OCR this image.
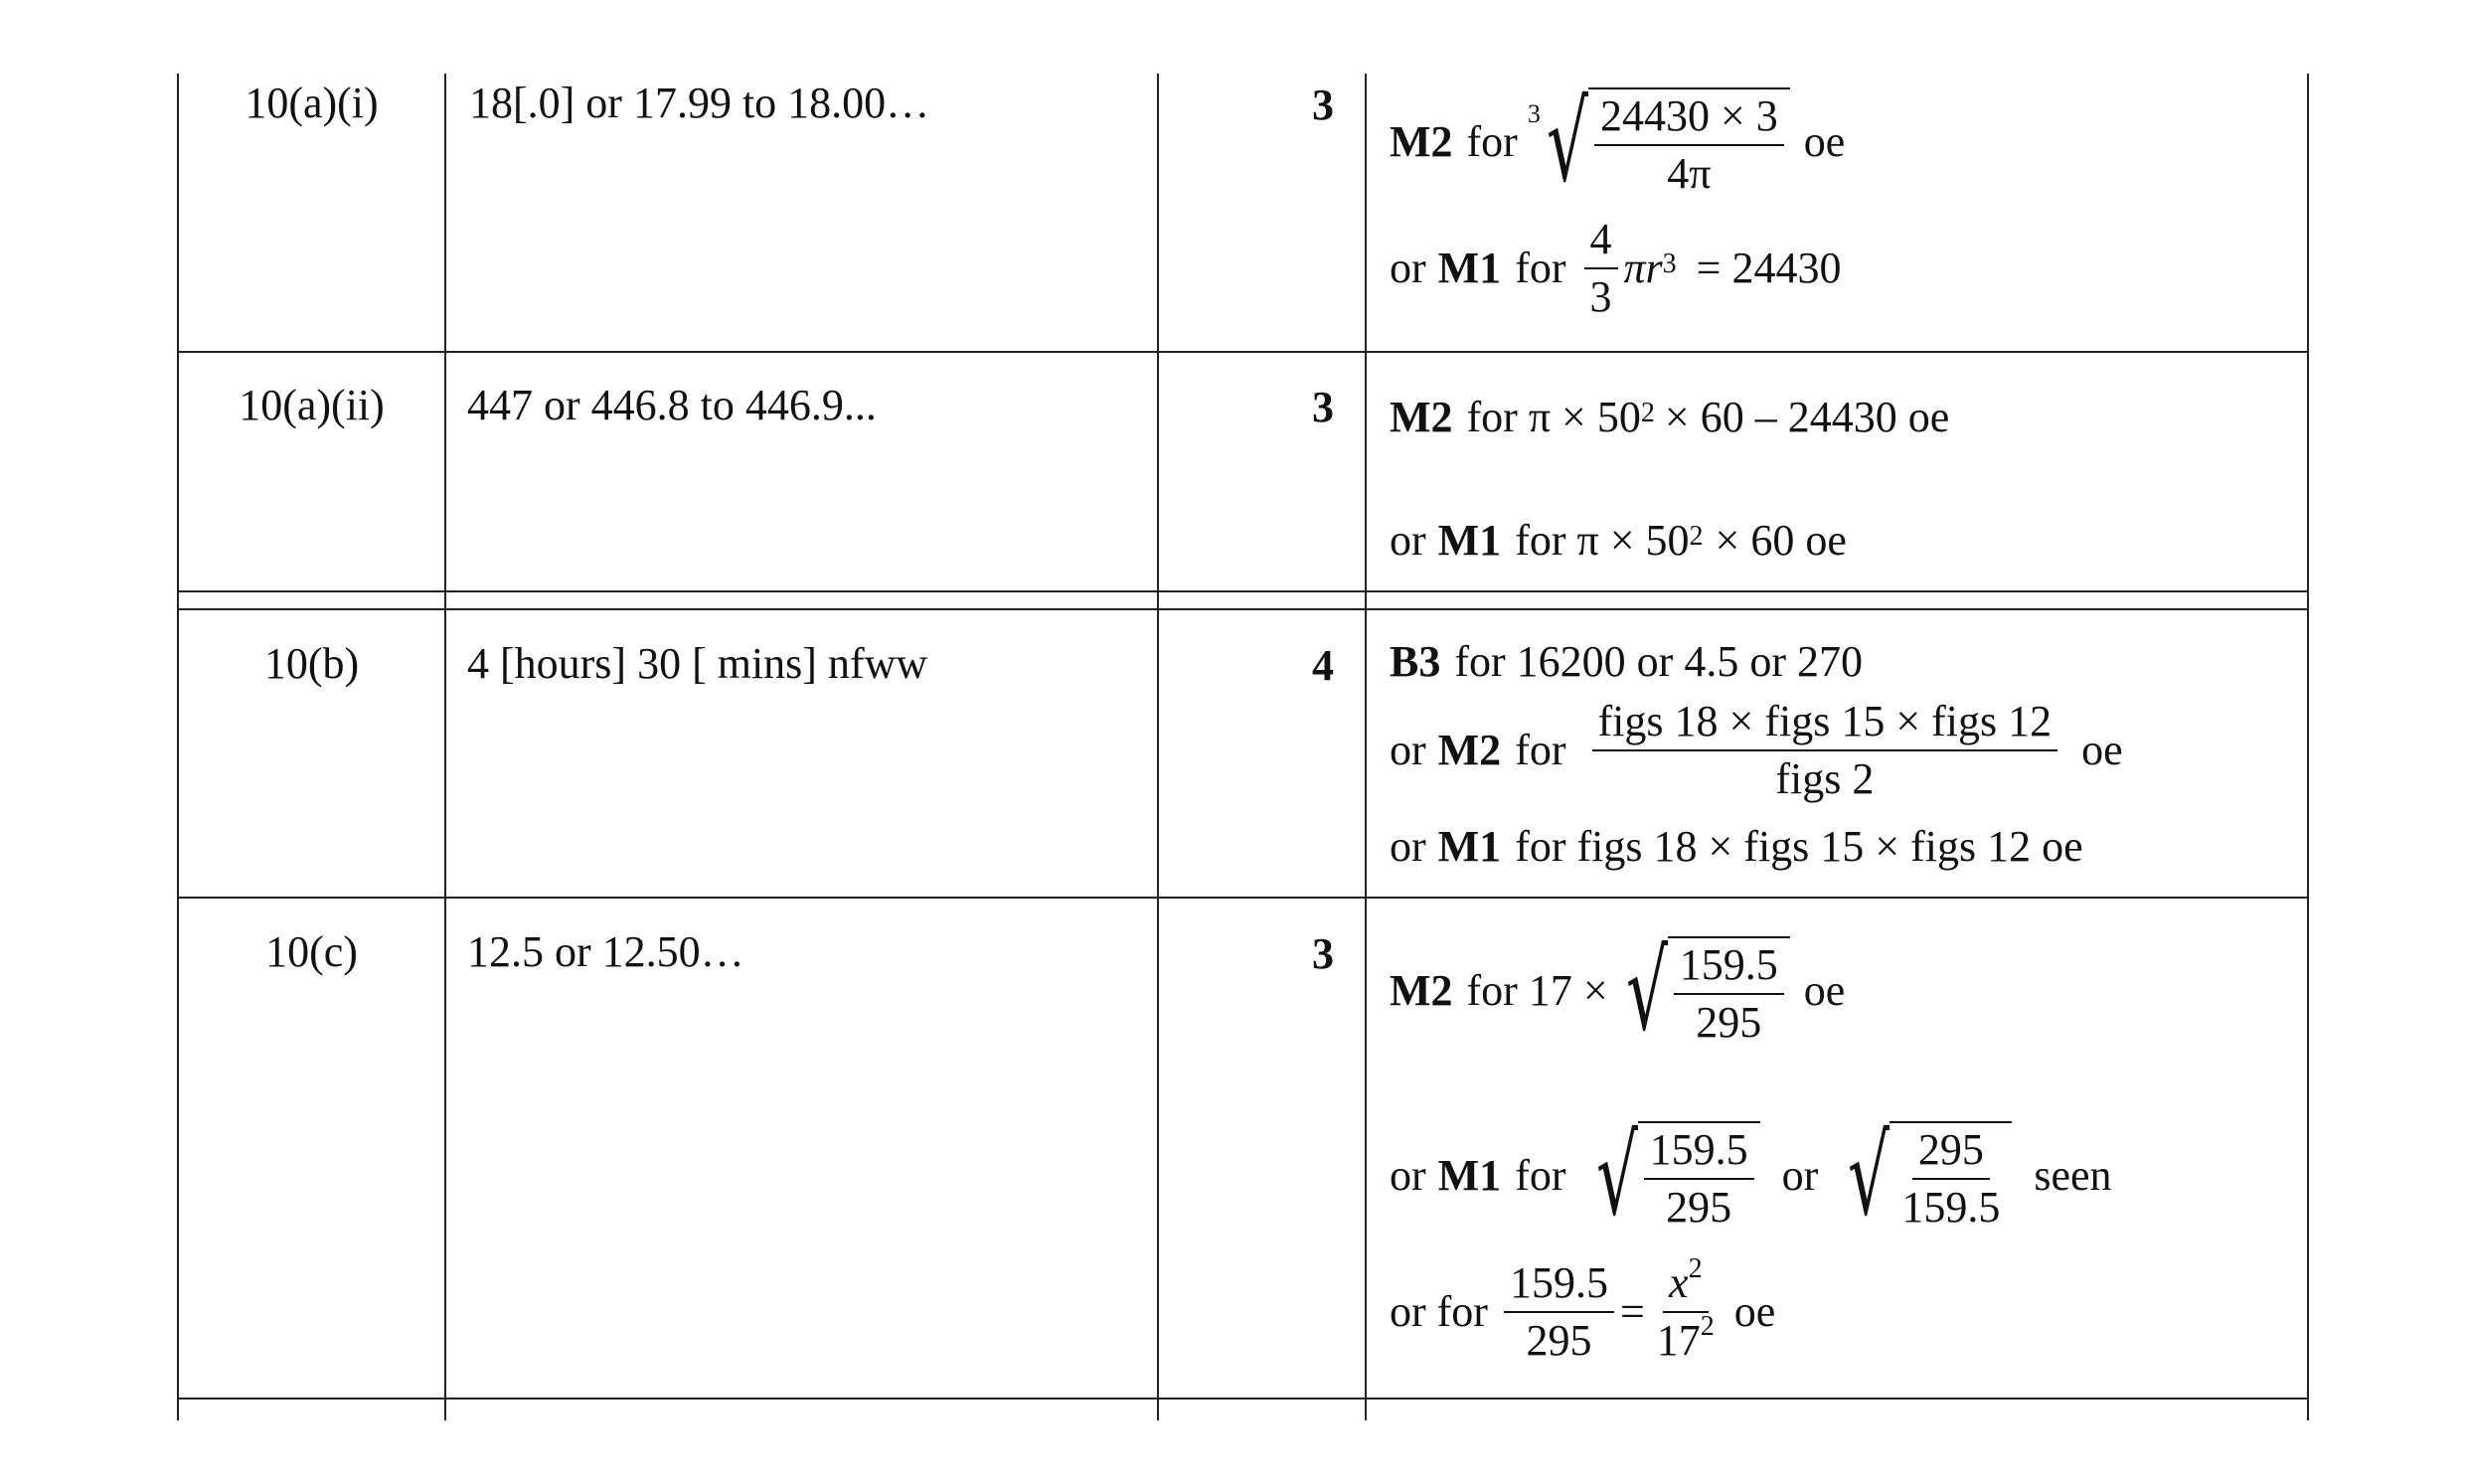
10(a)(i)	18[.0] or 17.99 to 18.00…	3
M2 for
3 √ $\frac{24430 \times 3}{4\pi}$ oe
or M1 for $\frac{4}{3} \pi r^3 = 24430$
10(a)(ii)	447 or 446.8 to 446.9...	3 M2 for $\pi \times 50^2 \times 60 - 24430$ oe
or M1 for $\pi \times 50^2 \times 60$ oe
10(b)	4 [hours] 30 [ mins] nfww	4 B3 for 16200 or 4.5 or 270
or M2 for $\frac{\text{figs 18 × figs 15 × figs 12}}{\text{figs 2}}$ oe
or M1 for figs 18 × figs 15 × figs 12 oe
10(c)	12.5 or 12.50…	3
M2 for 17 × √ $\frac{159.5}{295}$ oe
or M1 for √ $\frac{159.5}{295}$ or √ $\frac{295}{159.5}$ seen
or for $\frac{159.5}{295} = \frac{x^2}{17^2}$ oe
